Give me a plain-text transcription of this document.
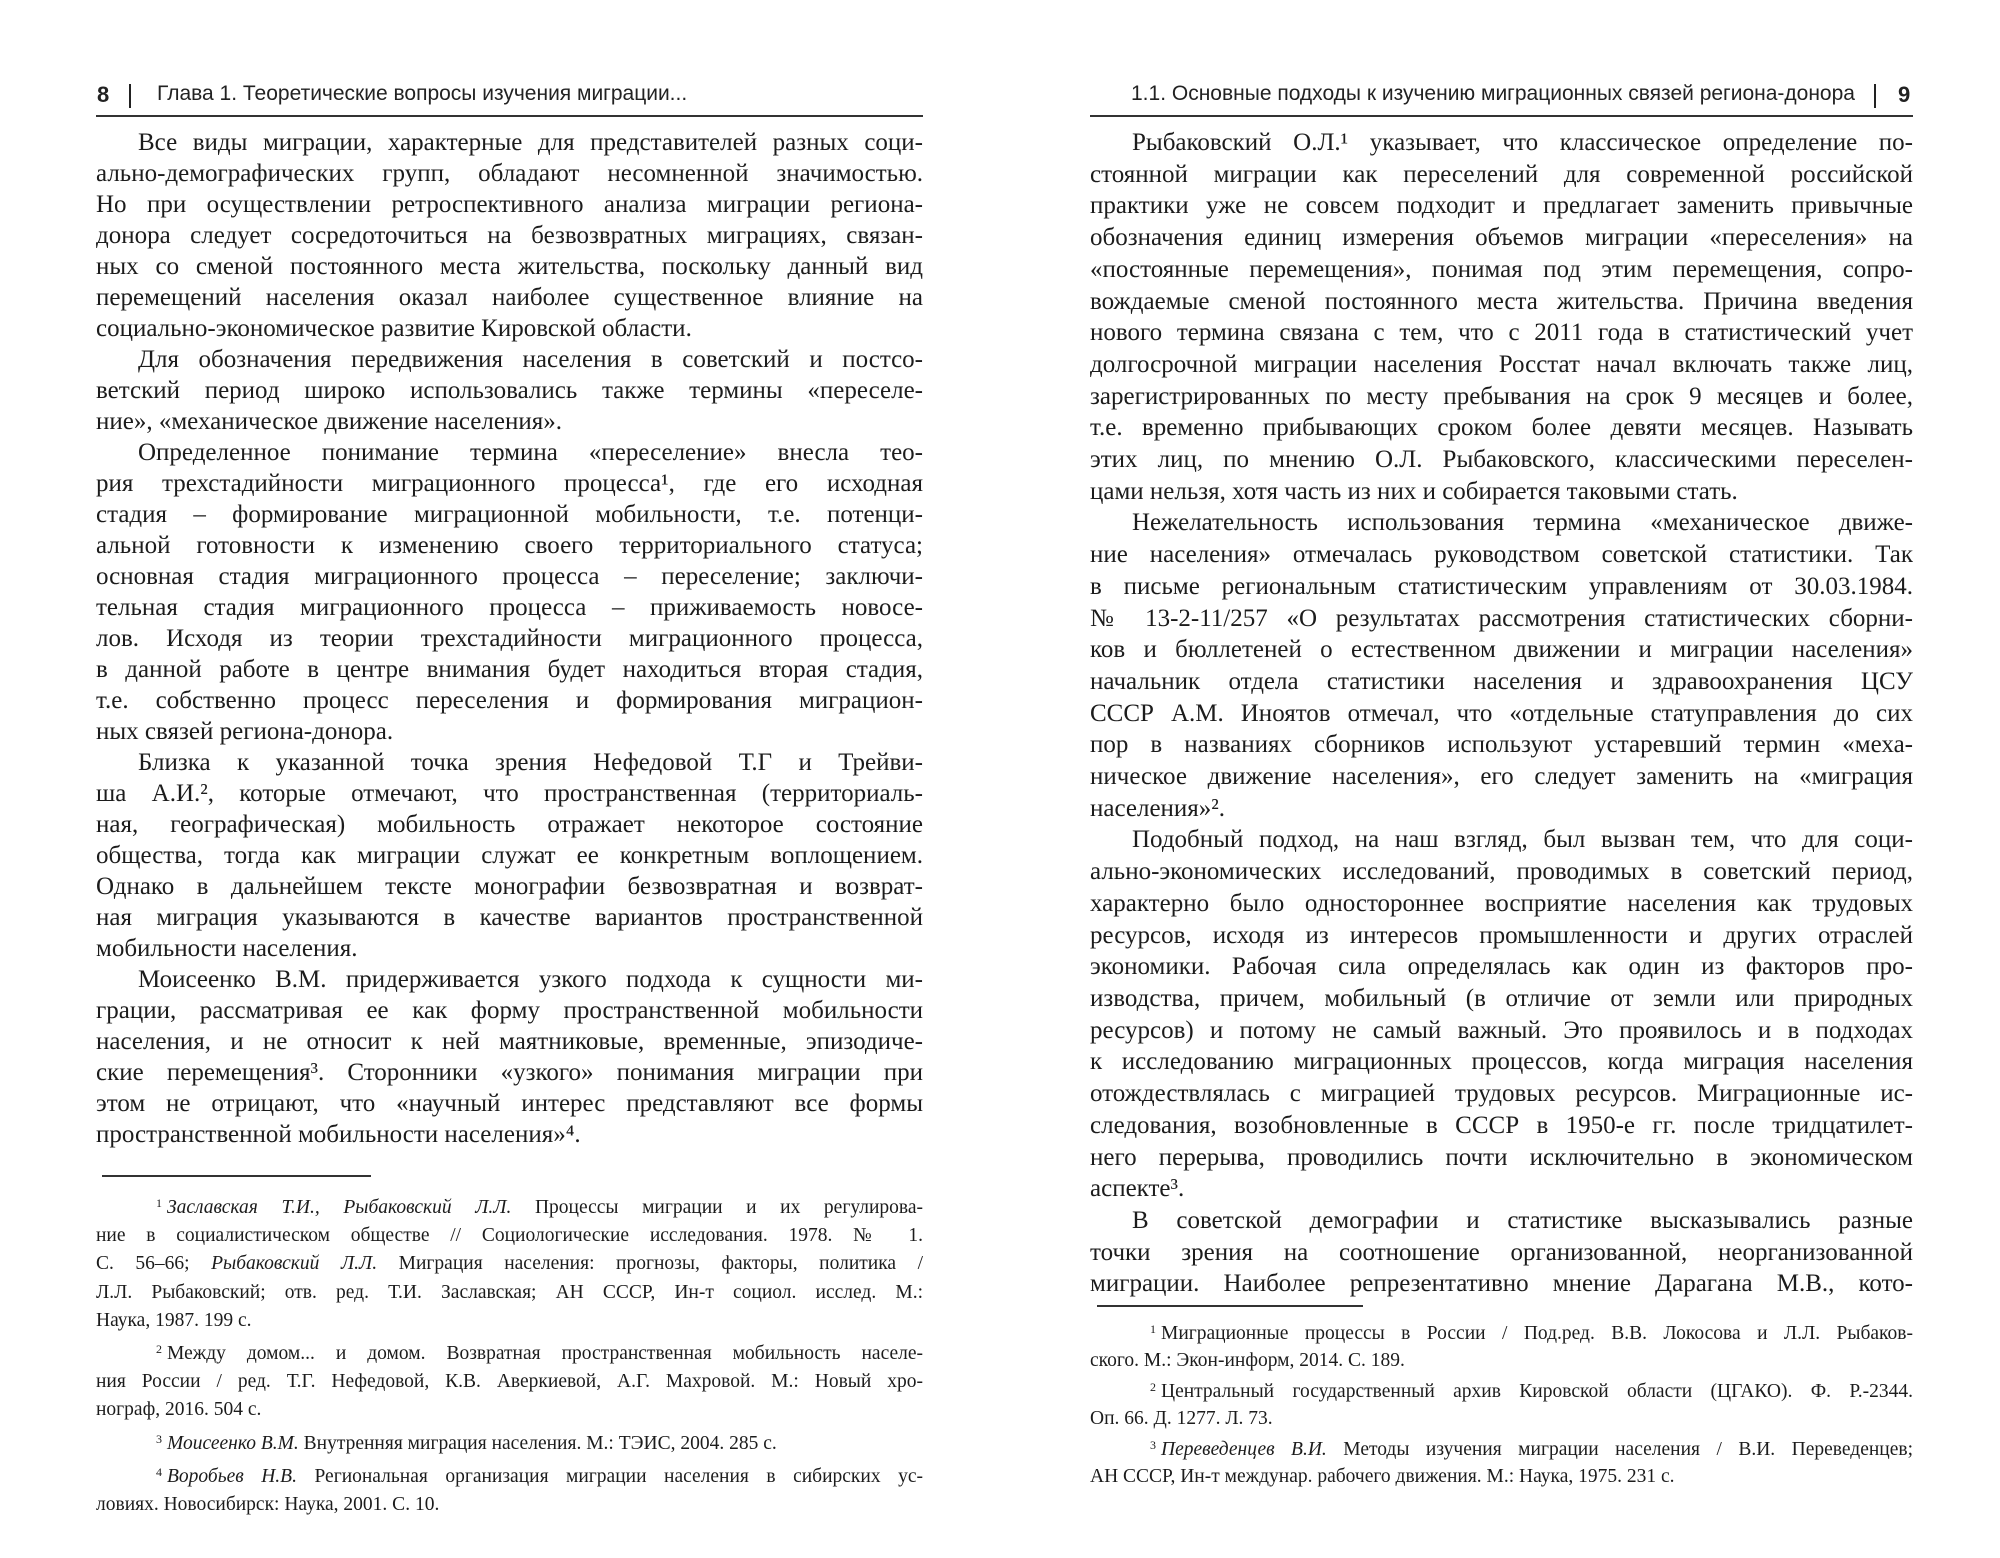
8 Глава 1. Теоретические вопросы изучения миграции...	1.1. Основные подходы к изучению миграционных связей региона-донора 9
Все виды миграции, характерные для представителей разных соци-
ально-демографических групп, обладают несомненной значимостью.
Но при осуществлении ретроспективного анализа миграции региона-
донора следует сосредоточиться на безвозвратных миграциях, связан-
ных со сменой постоянного места жительства, поскольку данный вид
перемещений населения оказал наиболее существенное влияние на
социально-экономическое развитие Кировской области.
Для обозначения передвижения населения в советский и постсо-
ветский период широко использовались также термины «переселе-
ние», «механическое движение населения».
Определенное понимание термина «переселение» внесла тео-
рия трехстадийности миграционного процесса¹, где его исходная
стадия – формирование миграционной мобильности, т.е. потенци-
альной готовности к изменению своего территориального статуса;
основная стадия миграционного процесса – переселение; заключи-
тельная стадия миграционного процесса – приживаемость новосе-
лов. Исходя из теории трехстадийности миграционного процесса,
в данной работе в центре внимания будет находиться вторая стадия,
т.е. собственно процесс переселения и формирования миграцион-
ных связей региона-донора.
Близка к указанной точка зрения Нефедовой Т.Г и Трейви-
ша А.И.², которые отмечают, что пространственная (территориаль-
ная, географическая) мобильность отражает некоторое состояние
общества, тогда как миграции служат ее конкретным воплощением.
Однако в дальнейшем тексте монографии безвозвратная и возврат-
ная миграция указываются в качестве вариантов пространственной
мобильности населения.
Моисеенко В.М. придерживается узкого подхода к сущности ми-
грации, рассматривая ее как форму пространственной мобильности
населения, и не относит к ней маятниковые, временные, эпизодиче-
ские перемещения³. Сторонники «узкого» понимания миграции при
этом не отрицают, что «научный интерес представляют все формы
пространственной мобильности населения»⁴.
Рыбаковский О.Л.¹ указывает, что классическое определение по-
стоянной миграции как переселений для современной российской
практики уже не совсем подходит и предлагает заменить привычные
обозначения единиц измерения объемов миграции «переселения» на
«постоянные перемещения», понимая под этим перемещения, сопро-
вождаемые сменой постоянного места жительства. Причина введения
нового термина связана с тем, что с 2011 года в статистический учет
долгосрочной миграции населения Росстат начал включать также лиц,
зарегистрированных по месту пребывания на срок 9 месяцев и более,
т.е. временно прибывающих сроком более девяти месяцев. Называть
этих лиц, по мнению О.Л. Рыбаковского, классическими переселен-
цами нельзя, хотя часть из них и собирается таковыми стать.
Нежелательность использования термина «механическое движе-
ние населения» отмечалась руководством советской статистики. Так
в письме региональным статистическим управлениям от 30.03.1984.
№ 13-2-11/257 «О результатах рассмотрения статистических сборни-
ков и бюллетеней о естественном движении и миграции населения»
начальник отдела статистики населения и здравоохранения ЦСУ
СССР А.М. Иноятов отмечал, что «отдельные статуправления до сих
пор в названиях сборников используют устаревший термин «меха-
ническое движение населения», его следует заменить на «миграция
населения»².
Подобный подход, на наш взгляд, был вызван тем, что для соци-
ально-экономических исследований, проводимых в советский период,
характерно было одностороннее восприятие населения как трудовых
ресурсов, исходя из интересов промышленности и других отраслей
экономики. Рабочая сила определялась как один из факторов про-
изводства, причем, мобильный (в отличие от земли или природных
ресурсов) и потому не самый важный. Это проявилось и в подходах
к исследованию миграционных процессов, когда миграция населения
отождествлялась с миграцией трудовых ресурсов. Миграционные ис-
следования, возобновленные в СССР в 1950-е гг. после тридцатилет-
него перерыва, проводились почти исключительно в экономическом
аспекте³.
В советской демографии и статистике высказывались разные
точки зрения на соотношение организованной, неорганизованной
миграции. Наиболее репрезентативно мнение Дарагана М.В., кото-
$^1$ Заславская Т.И., Рыбаковский Л.Л. Процессы миграции и их регулирова-
ние в социалистическом обществе // Социологические исследования. 1978. № 1.
С. 56–66; Рыбаковский Л.Л. Миграция населения: прогнозы, факторы, политика /
Л.Л. Рыбаковский; отв. ред. Т.И. Заславская; АН СССР, Ин-т социол. исслед. М.:
Наука, 1987. 199 с.
$^2$ Между домом... и домом. Возвратная пространственная мобильность населе-
ния России / ред. Т.Г. Нефедовой, К.В. Аверкиевой, А.Г. Махровой. М.: Новый хро-
нограф, 2016. 504 с.
$^3$ Моисеенко В.М. Внутренняя миграция населения. М.: ТЭИС, 2004. 285 с.
$^4$ Воробьев Н.В. Региональная организация миграции населения в сибирских ус-
ловиях. Новосибирск: Наука, 2001. С. 10.
$^1$ Миграционные процессы в России / Под.ред. В.В. Локосова и Л.Л. Рыбаков-
ского. М.: Экон-информ, 2014. С. 189.
$^2$ Центральный государственный архив Кировской области (ЦГАКО). Ф. Р.-2344.
Оп. 66. Д. 1277. Л. 73.
$^3$ Переведенцев В.И. Методы изучения миграции населения / В.И. Переведенцев;
АН СССР, Ин-т междунар. рабочего движения. М.: Наука, 1975. 231 с.
